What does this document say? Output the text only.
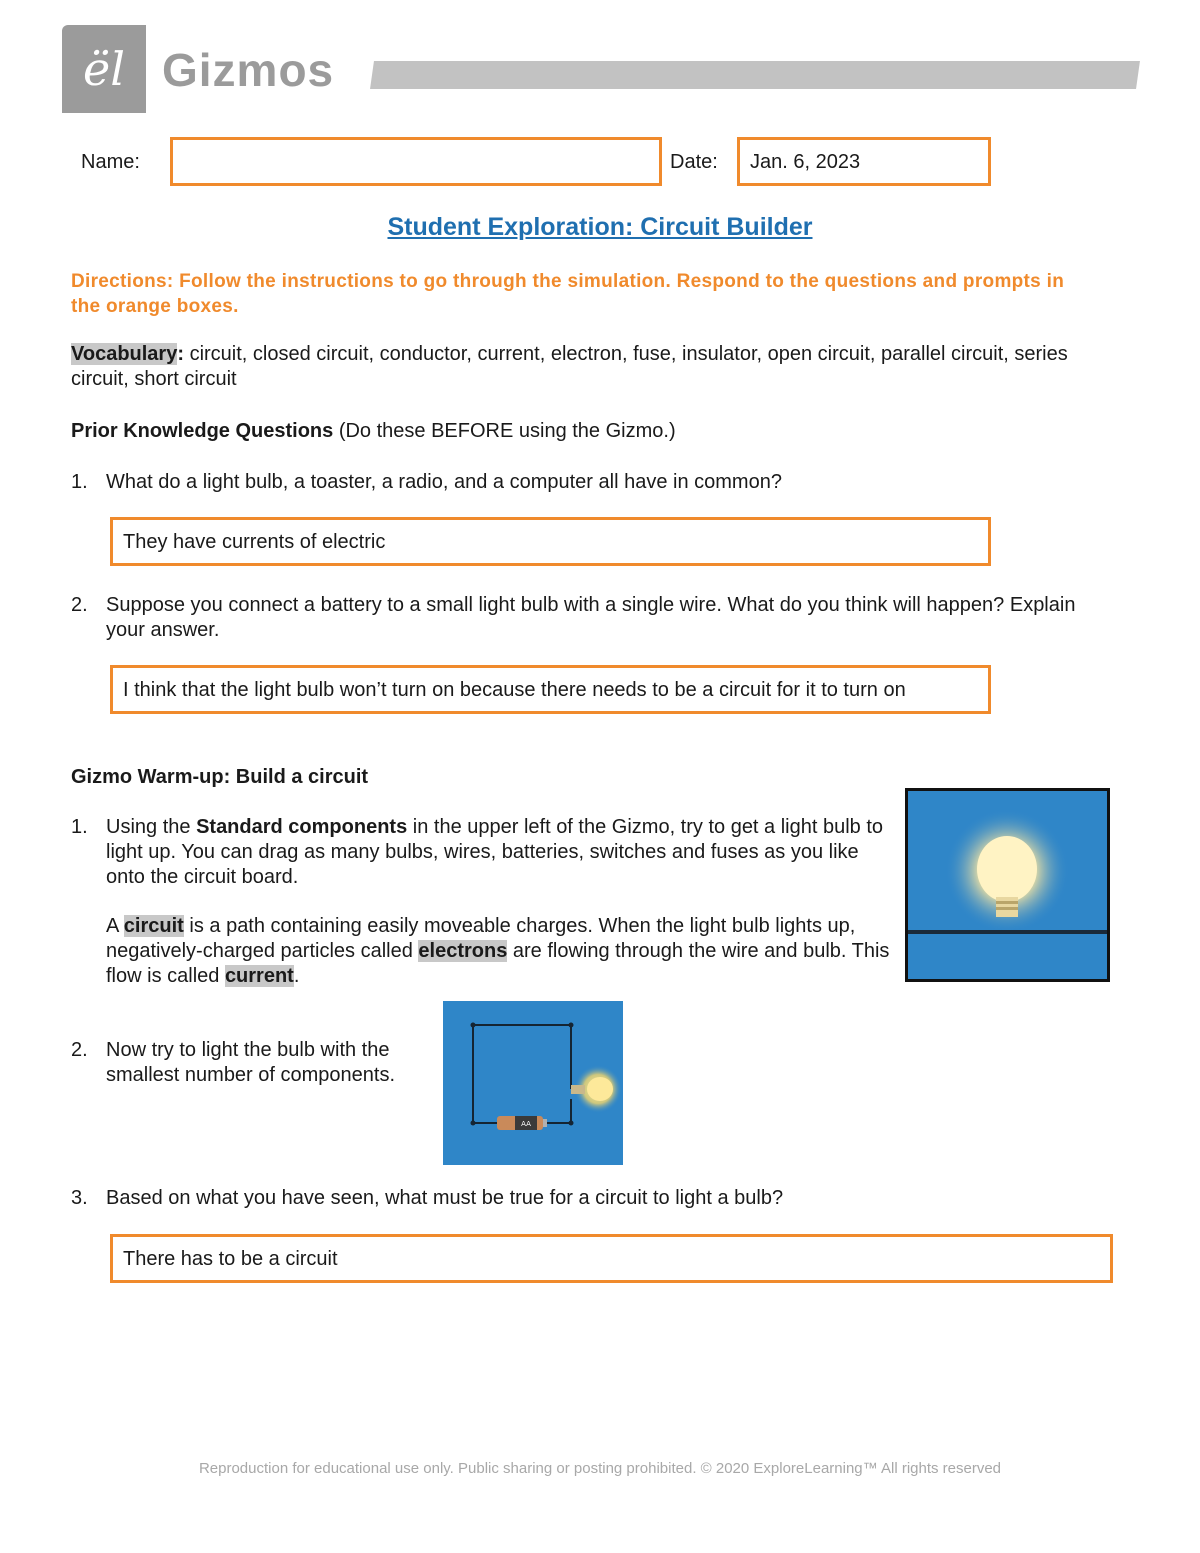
ël Gizmos
Name:	Date:	Jan. 6, 2023
Student Exploration: Circuit Builder
Directions: Follow the instructions to go through the simulation. Respond to the questions and prompts in the orange boxes.
Vocabulary: circuit, closed circuit, conductor, current, electron, fuse, insulator, open circuit, parallel circuit, series circuit, short circuit
Prior Knowledge Questions (Do these BEFORE using the Gizmo.)
1. What do a light bulb, a toaster, a radio, and a computer all have in common?
They have currents of electric
2. Suppose you connect a battery to a small light bulb with a single wire. What do you think will happen? Explain your answer.
I think that the light bulb won’t turn on because there needs to be a circuit for it to turn on
Gizmo Warm-up: Build a circuit
1. Using the Standard components in the upper left of the Gizmo, try to get a light bulb to light up. You can drag as many bulbs, wires, batteries, switches and fuses as you like onto the circuit board.
A circuit is a path containing easily moveable charges. When the light bulb lights up, negatively-charged particles called electrons are flowing through the wire and bulb. This flow is called current.
2. Now try to light the bulb with the smallest number of components.
AA
3. Based on what you have seen, what must be true for a circuit to light a bulb?
There has to be a circuit
Reproduction for educational use only. Public sharing or posting prohibited. © 2020 ExploreLearning™ All rights reserved
